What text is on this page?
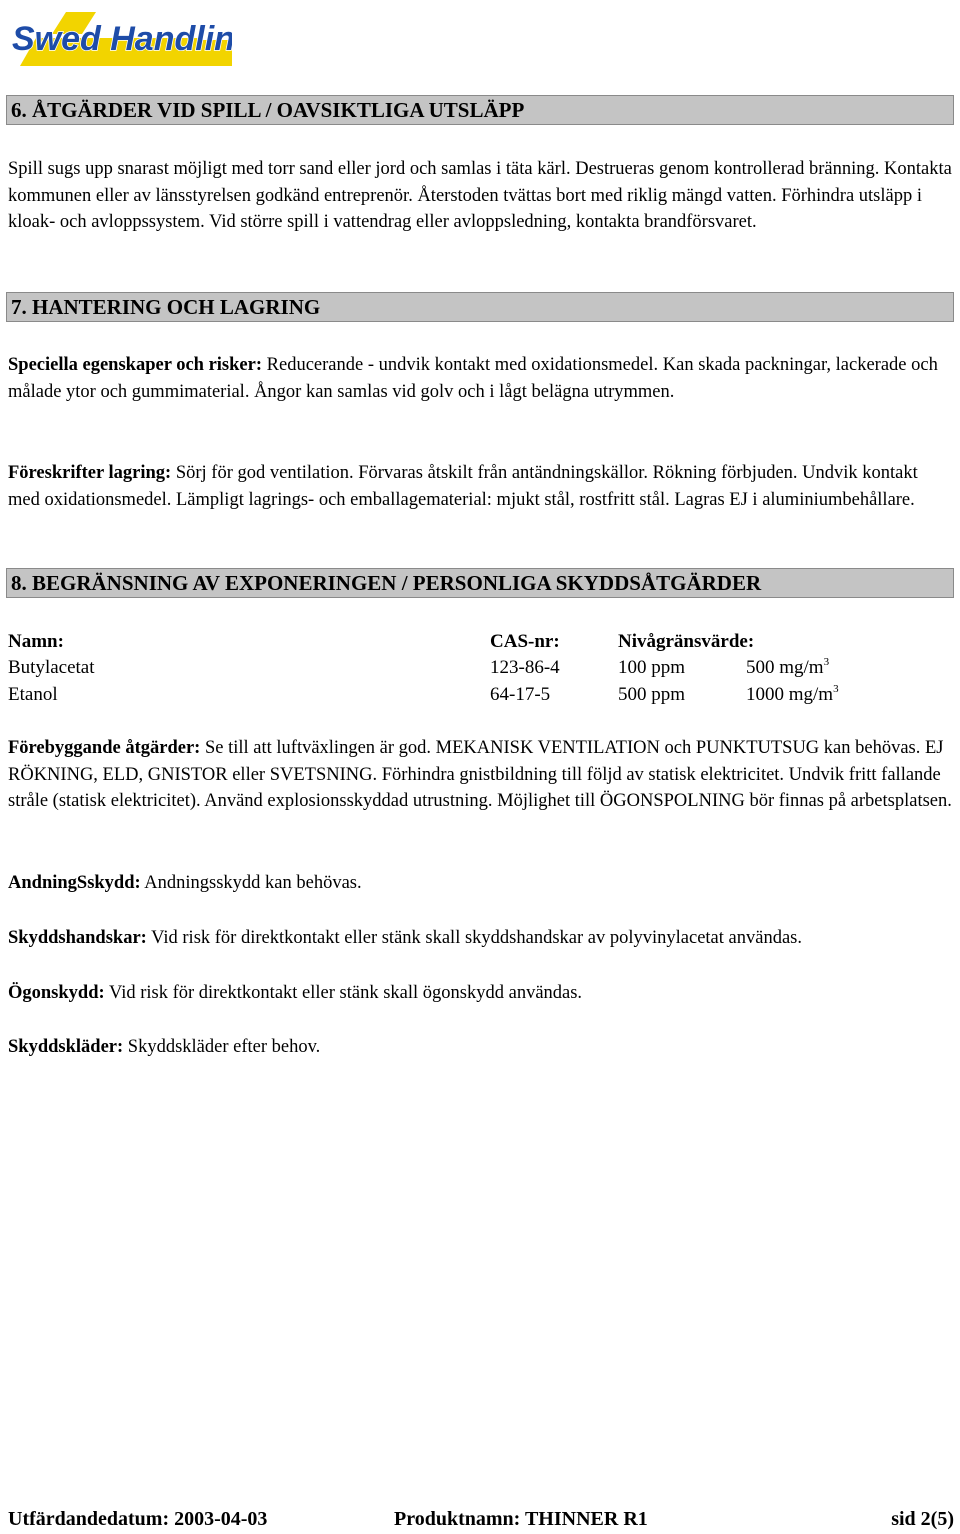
Swed Handling
6. ÅTGÄRDER VID SPILL / OAVSIKTLIGA UTSLÄPP
Spill sugs upp snarast möjligt med torr sand eller jord och samlas i täta kärl. Destrueras genom kontrollerad bränning. Kontakta kommunen eller av länsstyrelsen godkänd entreprenör. Återstoden tvättas bort med riklig mängd vatten. Förhindra utsläpp i kloak- och avloppssystem. Vid större spill i vattendrag eller avloppsledning, kontakta brandförsvaret.
7. HANTERING OCH LAGRING
Speciella egenskaper och risker: Reducerande - undvik kontakt med oxidationsmedel. Kan skada packningar, lackerade och målade ytor och gummimaterial. Ångor kan samlas vid golv och i lågt belägna utrymmen.
Föreskrifter lagring: Sörj för god ventilation. Förvaras åtskilt från antändningskällor. Rökning förbjuden. Undvik kontakt med oxidationsmedel. Lämpligt lagrings- och emballagematerial: mjukt stål, rostfritt stål. Lagras EJ i aluminiumbehållare.
8. BEGRÄNSNING AV EXPONERINGEN / PERSONLIGA SKYDDSÅTGÄRDER
Namn:	CAS-nr:	Nivågränsvärde:
Butylacetat	123-86-4	100 ppm	500 $mg/m^3$
Etanol	64-17-5	500 ppm	1000 $mg/m^3$
Förebyggande åtgärder: Se till att luftväxlingen är god. MEKANISK VENTILATION och PUNKTUTSUG kan behövas. EJ RÖKNING, ELD, GNISTOR eller SVETSNING. Förhindra gnistbildning till följd av statisk elektricitet. Undvik fritt fallande stråle (statisk elektricitet). Använd explosionsskyddad utrustning. Möjlighet till ÖGONSPOLNING bör finnas på arbetsplatsen.
AndningSskydd: Andningsskydd kan behövas.
Skyddshandskar: Vid risk för direktkontakt eller stänk skall skyddshandskar av polyvinylacetat användas.
Ögonskydd: Vid risk för direktkontakt eller stänk skall ögonskydd användas.
Skyddskläder: Skyddskläder efter behov.
Utfärdandedatum: 2003-04-03	Produktnamn: THINNER R1	sid 2(5)
